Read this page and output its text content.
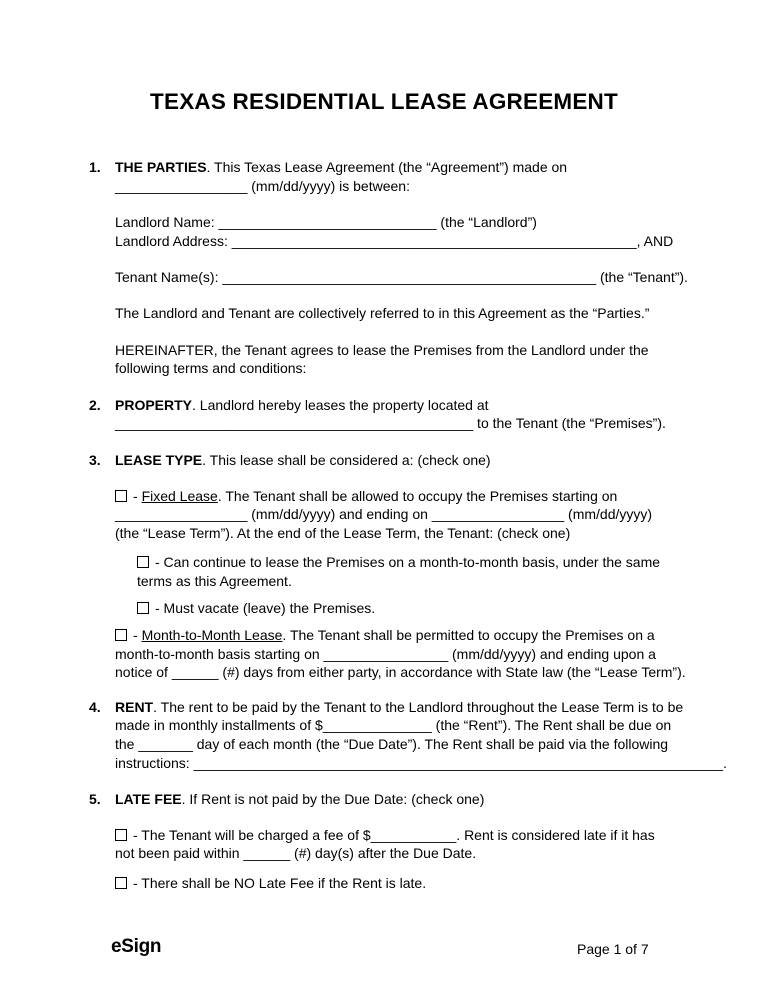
TEXAS RESIDENTIAL LEASE AGREEMENT

1. THE PARTIES. This Texas Lease Agreement (the “Agreement”) made on
_________________ (mm/dd/yyyy) is between:

Landlord Name: ____________________________ (the “Landlord”)
Landlord Address: ____________________________________________________, AND

Tenant Name(s): ________________________________________________ (the “Tenant”).

The Landlord and Tenant are collectively referred to in this Agreement as the “Parties.”

HEREINAFTER, the Tenant agrees to lease the Premises from the Landlord under the
following terms and conditions:

2. PROPERTY. Landlord hereby leases the property located at
______________________________________________ to the Tenant (the “Premises”).

3. LEASE TYPE. This lease shall be considered a: (check one)

- Fixed Lease. The Tenant shall be allowed to occupy the Premises starting on
_________________ (mm/dd/yyyy) and ending on _________________ (mm/dd/yyyy)
(the “Lease Term”). At the end of the Lease Term, the Tenant: (check one)

- Can continue to lease the Premises on a month-to-month basis, under the same
terms as this Agreement.

- Must vacate (leave) the Premises.

- Month-to-Month Lease. The Tenant shall be permitted to occupy the Premises on a
month-to-month basis starting on ________________ (mm/dd/yyyy) and ending upon a
notice of ______ (#) days from either party, in accordance with State law (the “Lease Term”).

4. RENT. The rent to be paid by the Tenant to the Landlord throughout the Lease Term is to be
made in monthly installments of $______________ (the “Rent”). The Rent shall be due on
the _______ day of each month (the “Due Date”). The Rent shall be paid via the following
instructions: ____________________________________________________________________.

5. LATE FEE. If Rent is not paid by the Due Date: (check one)

- The Tenant will be charged a fee of $___________. Rent is considered late if it has
not been paid within ______ (#) day(s) after the Due Date.

- There shall be NO Late Fee if the Rent is late.

eSign	Page 1 of 7
